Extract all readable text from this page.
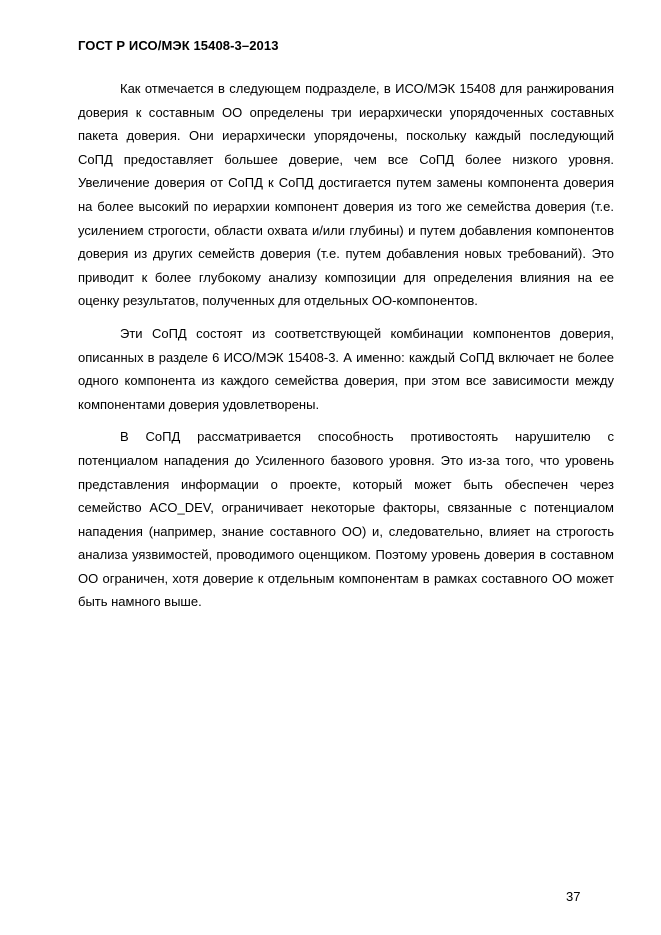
ГОСТ Р ИСО/МЭК 15408-3–2013

Как отмечается в следующем подразделе, в ИСО/МЭК 15408 для ранжирования доверия к составным ОО определены три иерархически упорядоченных составных пакета доверия. Они иерархически упорядочены, поскольку каждый последующий СоПД предоставляет большее доверие, чем все СоПД более низкого уровня. Увеличение доверия от СоПД к СоПД достигается путем замены компонента доверия на более высокий по иерархии компонент доверия из того же семейства доверия (т.е. усилением строгости, области охвата и/или глубины) и путем добавления компонентов доверия из других семейств доверия (т.е. путем добавления новых требований). Это приводит к более глубокому анализу композиции для определения влияния на ее оценку результатов, полученных для отдельных ОО-компонентов.

Эти СоПД состоят из соответствующей комбинации компонентов доверия, описанных в разделе 6 ИСО/МЭК 15408-3. А именно: каждый СоПД включает не более одного компонента из каждого семейства доверия, при этом все зависимости между компонентами доверия удовлетворены.

В СоПД рассматривается способность противостоять нарушителю с потенциалом нападения до Усиленного базового уровня. Это из-за того, что уровень представления информации о проекте, который может быть обеспечен через семейство ACO_DEV, ограничивает некоторые факторы, связанные с потенциалом нападения (например, знание составного ОО) и, следовательно, влияет на строгость анализа уязвимостей, проводимого оценщиком. Поэтому уровень доверия в составном ОО ограничен, хотя доверие к отдельным компонентам в рамках составного ОО может быть намного выше.

37
